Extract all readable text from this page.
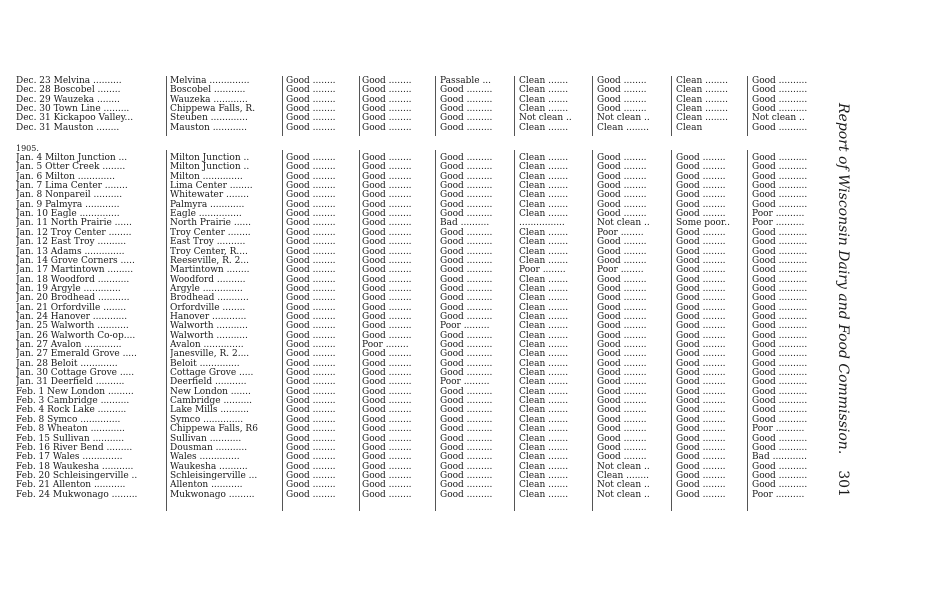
Dec. 23 Melvina ..........	Melvina ..............	Good ........	Good ........	Passable ...	Clean .......	Good ........	Clean ........	Good ..........
Dec. 28 Boscobel ........	Boscobel ...........	Good ........	Good ........	Good .........	Clean .......	Good ........	Clean ........	Good ..........
Dec. 29 Wauzeka ........	Wauzeka ............	Good ........	Good ........	Good .........	Clean .......	Good ........	Clean ........	Good ..........
Dec. 30 Town Line .........	Chippewa Falls, R.	Good ........	Good ........	Good .........	Clean .......	Good ........	Clean ........	Good ..........
Dec. 31 Kickapoo Valley...	Steuben .............	Good ........	Good ........	Good .........	Not clean ..	Not clean ..	Clean ........	Not clean ..
Dec. 31 Mauston ........	Mauston ............	Good ........	Good ........	Good .........	Clean .......	Clean ........	Clean	Good ..........
1905.
Jan. 4 Milton Junction ...	Milton Junction ..	Good ........	Good ........	Good .........	Clean .......	Good ........	Good ........	Good ..........
Jan. 5 Otter Creek ........	Milton Junction ..	Good ........	Good ........	Good .........	Clean .......	Good ........	Good ........	Good ..........
Jan. 6 Milton .............	Milton ..............	Good ........	Good ........	Good .........	Clean .......	Good ........	Good ........	Good ..........
Jan. 7 Lima Center ........	Lima Center ........	Good ........	Good ........	Good .........	Clean .......	Good ........	Good ........	Good ..........
Jan. 8 Nonpareil ..........	Whitewater ........	Good ........	Good ........	Good .........	Clean .......	Good ........	Good ........	Good ..........
Jan. 9 Palmyra ............	Palmyra ............	Good ........	Good ........	Good .........	Clean .......	Good ........	Good ........	Good ..........
Jan. 10 Eagle ..............	Eagle ...............	Good ........	Good ........	Good .........	Clean .......	Good ........	Good ........	Poor ..........
Jan. 11 North Prairie ......	North Prairie ......	Good ........	Good ........	Bad ..........	................	Not clean ..	Some poor..	Poor ..........
Jan. 12 Troy Center ........	Troy Center ........	Good ........	Good ........	Good .........	Clean .......	Poor ........	Good ........	Good ..........
Jan. 12 East Troy ..........	East Troy ..........	Good ........	Good ........	Good .........	Clean .......	Good ........	Good ........	Good ..........
Jan. 13 Adams ..............	Troy Center, R....	Good ........	Good ........	Good .........	Clean .......	Good ........	Good ........	Good ..........
Jan. 14 Grove Corners .....	Reeseville, R. 2...	Good ........	Good ........	Good .........	Clean .......	Good ........	Good ........	Good ..........
Jan. 17 Martintown .........	Martintown ........	Good ........	Good ........	Good .........	Poor ........	Poor ........	Good ........	Good ..........
Jan. 18 Woodford ...........	Woodford ..........	Good ........	Good ........	Good .........	Clean .......	Good ........	Good ........	Good ..........
Jan. 19 Argyle .............	Argyle ..............	Good ........	Good ........	Good .........	Clean .......	Good ........	Good ........	Good ..........
Jan. 20 Brodhead ...........	Brodhead ...........	Good ........	Good ........	Good .........	Clean .......	Good ........	Good ........	Good ..........
Jan. 21 Orfordville ........	Orfordville ........	Good ........	Good ........	Good .........	Clean .......	Good ........	Good ........	Good ..........
Jan. 24 Hanover ............	Hanover ............	Good ........	Good ........	Good .........	Clean .......	Good ........	Good ........	Good ..........
Jan. 25 Walworth ...........	Walworth ...........	Good ........	Good ........	Poor .........	Clean .......	Good ........	Good ........	Good ..........
Jan. 26 Walworth Co-op....	Walworth ...........	Good ........	Good ........	Good .........	Clean .......	Good ........	Good ........	Good ..........
Jan. 27 Avalon .............	Avalon ..............	Good ........	Poor ........	Good .........	Clean .......	Good ........	Good ........	Good ..........
Jan. 27 Emerald Grove .....	Janesville, R. 2....	Good ........	Good ........	Good .........	Clean .......	Good ........	Good ........	Good ..........
Jan. 28 Beloit .............	Beloit ..............	Good ........	Good ........	Good .........	Clean .......	Good ........	Good ........	Good ..........
Jan. 30 Cottage Grove .....	Cottage Grove .....	Good ........	Good ........	Good .........	Clean .......	Good ........	Good ........	Good ..........
Jan. 31 Deerfield ..........	Deerfield ...........	Good ........	Good ........	Poor .........	Clean .......	Good ........	Good ........	Good ..........
Feb. 1 New London .........	New London .......	Good ........	Good ........	Good .........	Clean .......	Good ........	Good ........	Good ..........
Feb. 3 Cambridge ..........	Cambridge ..........	Good ........	Good ........	Good .........	Clean .......	Good ........	Good ........	Good ..........
Feb. 4 Rock Lake ..........	Lake Mills ..........	Good ........	Good ........	Good .........	Clean .......	Good ........	Good ........	Good ..........
Feb. 8 Symco ..............	Symco ..............	Good ........	Good ........	Good .........	Clean .......	Good ........	Good ........	Good ..........
Feb. 8 Wheaton ............	Chippewa Falls, R6	Good ........	Good ........	Good .........	Clean .......	Good ........	Good ........	Poor ..........
Feb. 15 Sullivan ...........	Sullivan ...........	Good ........	Good ........	Good .........	Clean .......	Good ........	Good ........	Good ..........
Feb. 16 River Bend .........	Dousman ...........	Good ........	Good ........	Good .........	Clean .......	Good ........	Good ........	Good ..........
Feb. 17 Wales ..............	Wales ..............	Good ........	Good ........	Good .........	Clean .......	Good ........	Good ........	Bad ............
Feb. 18 Waukesha ...........	Waukesha ..........	Good ........	Good ........	Good .........	Clean .......	Not clean ..	Good ........	Good ..........
Feb. 20 Schleisingerville ..	Schleisingerville ...	Good ........	Good ........	Good .........	Clean .......	Clean ........	Good ........	Good ..........
Feb. 21 Allenton ...........	Allenton ...........	Good ........	Good ........	Good .........	Clean .......	Not clean ..	Good ........	Good ..........
Feb. 24 Mukwonago .........	Mukwonago .........	Good ........	Good ........	Good .........	Clean .......	Not clean ..	Good ........	Poor ..........
Report of Wisconsin Dairy and Food Commission.301
